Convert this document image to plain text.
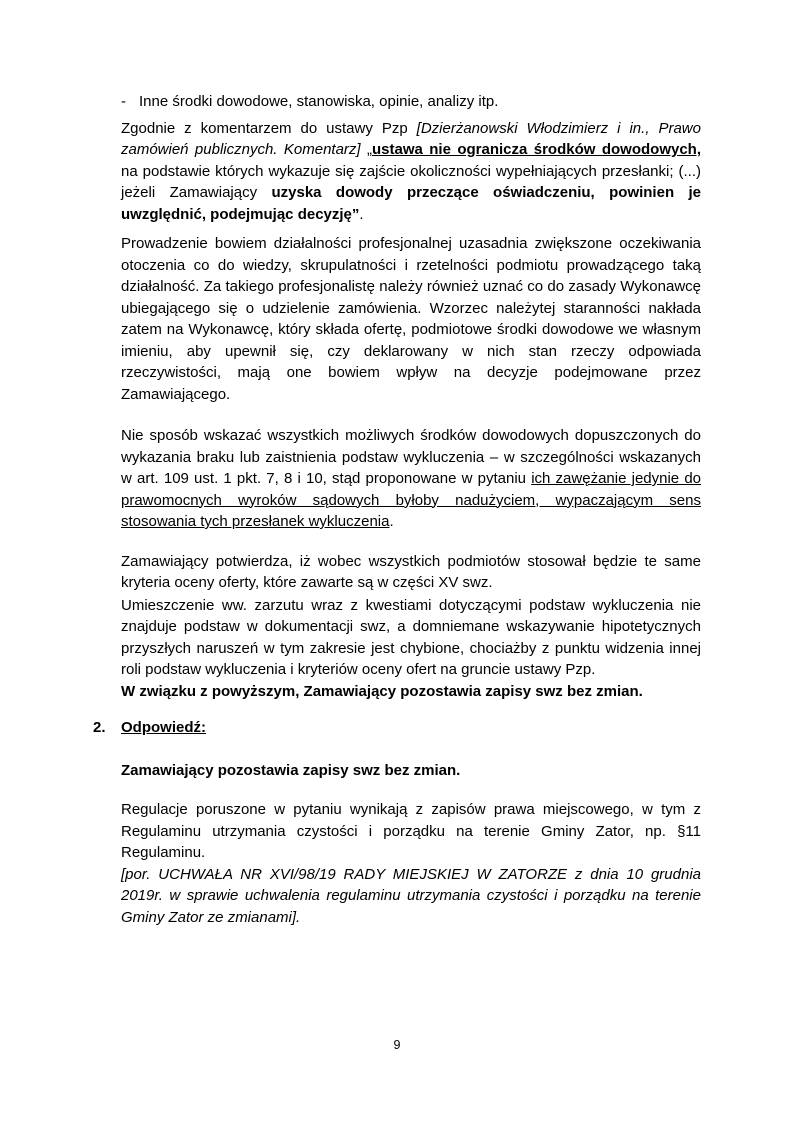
- Inne środki dowodowe, stanowiska, opinie, analizy itp.

Zgodnie z komentarzem do ustawy Pzp [Dzierżanowski Włodzimierz i in., Prawo zamówień publicznych. Komentarz] „ustawa nie ogranicza środków dowodowych, na podstawie których wykazuje się zajście okoliczności wypełniających przesłanki; (...) jeżeli Zamawiający uzyska dowody przeczące oświadczeniu, powinien je uwzględnić, podejmując decyzję”.

Prowadzenie bowiem działalności profesjonalnej uzasadnia zwiększone oczekiwania otoczenia co do wiedzy, skrupulatności i rzetelności podmiotu prowadzącego taką działalność. Za takiego profesjonalistę należy również uznać co do zasady Wykonawcę ubiegającego się o udzielenie zamówienia. Wzorzec należytej staranności nakłada zatem na Wykonawcę, który składa ofertę, podmiotowe środki dowodowe we własnym imieniu, aby upewnił się, czy deklarowany w nich stan rzeczy odpowiada rzeczywistości, mają one bowiem wpływ na decyzje podejmowane przez Zamawiającego.

Nie sposób wskazać wszystkich możliwych środków dowodowych dopuszczonych do wykazania braku lub zaistnienia podstaw wykluczenia – w szczególności wskazanych w art. 109 ust. 1 pkt. 7, 8 i 10, stąd proponowane w pytaniu ich zawężanie jedynie do prawomocnych wyroków sądowych byłoby nadużyciem, wypaczającym sens stosowania tych przesłanek wykluczenia.

Zamawiający potwierdza, iż wobec wszystkich podmiotów stosował będzie te same kryteria oceny oferty, które zawarte są w części XV swz.

Umieszczenie ww. zarzutu wraz z kwestiami dotyczącymi podstaw wykluczenia nie znajduje podstaw w dokumentacji swz, a domniemane wskazywanie hipotetycznych przyszłych naruszeń w tym zakresie jest chybione, chociażby z punktu widzenia innej roli podstaw wykluczenia i kryteriów oceny ofert na gruncie ustawy Pzp.

W związku z powyższym, Zamawiający pozostawia zapisy swz bez zmian.

2.	Odpowiedź:

Zamawiający pozostawia zapisy swz bez zmian.

Regulacje poruszone w pytaniu wynikają z zapisów prawa miejscowego, w tym z Regulaminu utrzymania czystości i porządku na terenie Gminy Zator, np. §11 Regulaminu.

[por. UCHWAŁA NR XVI/98/19 RADY MIEJSKIEJ W ZATORZE z dnia 10 grudnia 2019r. w sprawie uchwalenia regulaminu utrzymania czystości i porządku na terenie Gminy Zator ze zmianami].

9
